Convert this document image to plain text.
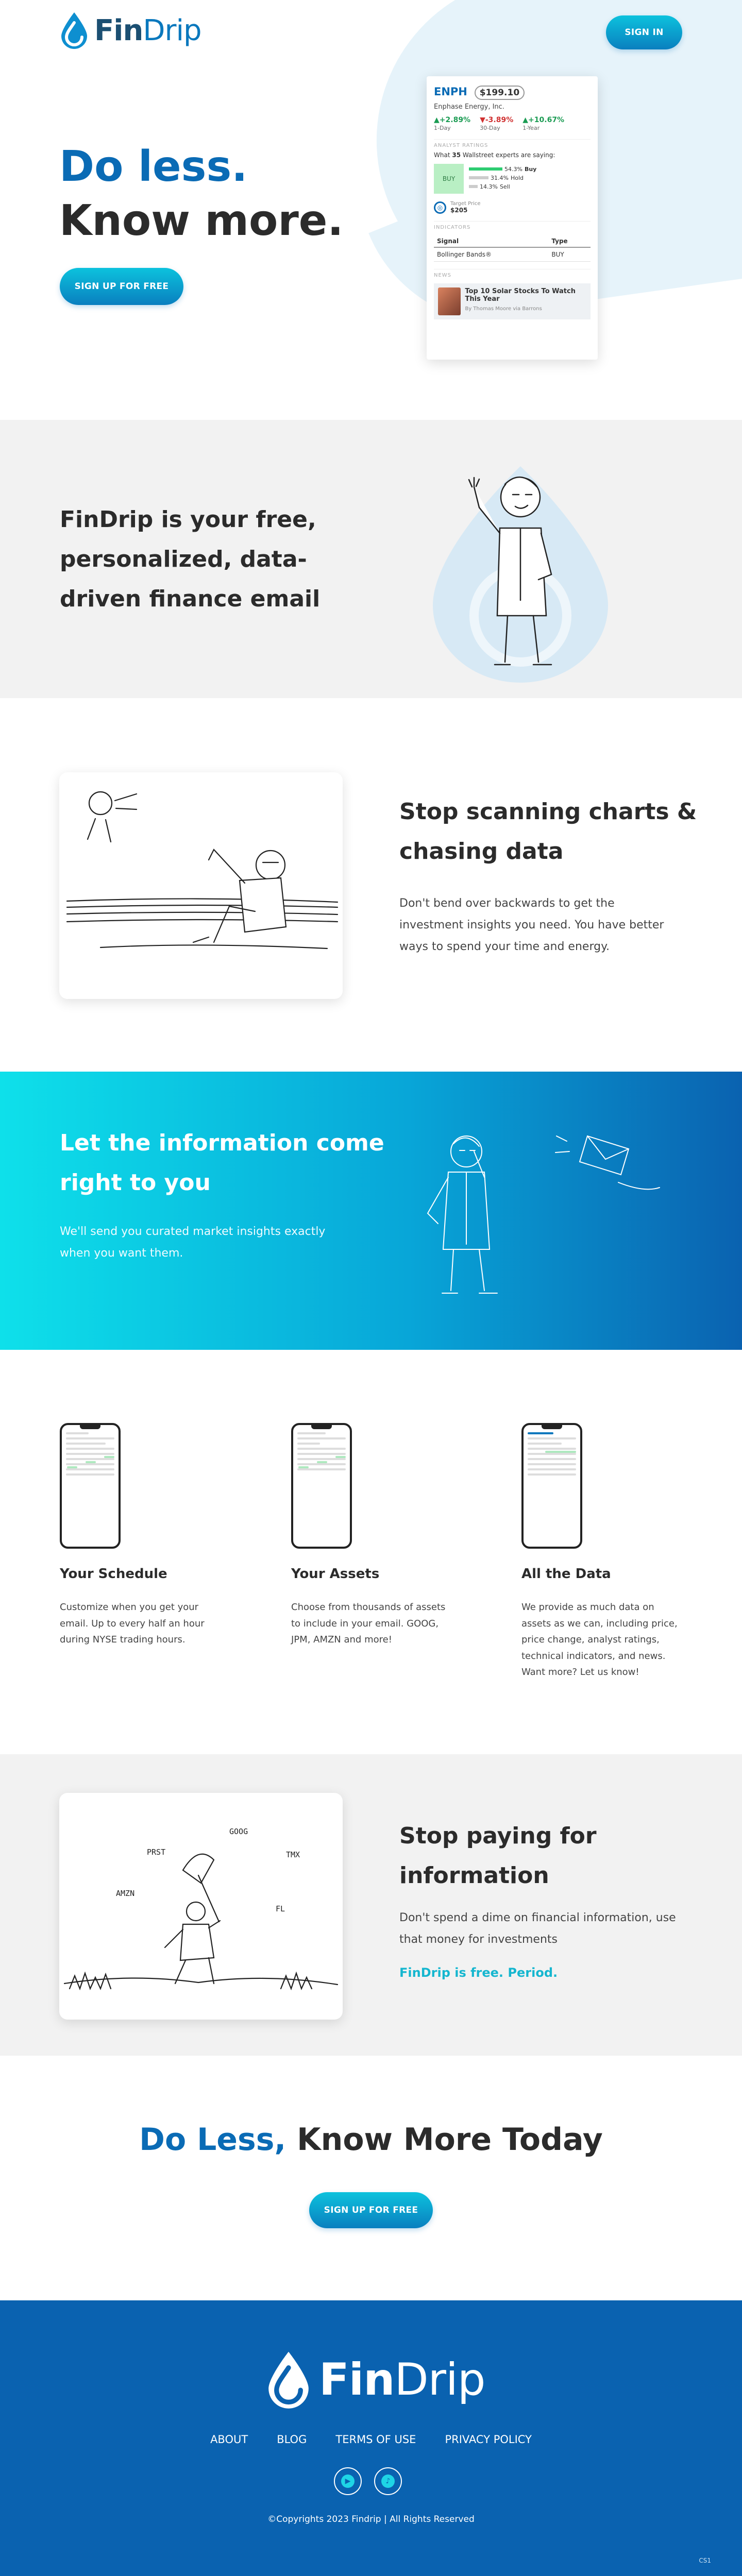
FinDrip	SIGN IN
Do less.
Know more.
SIGN UP FOR FREE
ENPH $199.10
Enphase Energy, Inc.
▲+2.89%
1-Day
▼-3.89%
30-Day
▲+10.67%
1-Year
ANALYST RATINGS
What 35 Wallstreet experts are saying:
BUY
54.3% Buy
31.4% Hold
14.3% Sell
◎	Target Price
$205
INDICATORS
Signal	Type
Bollinger Bands®	BUY
NEWS
Top 10 Solar Stocks To Watch This Year
By Thomas Moore via Barrons
FinDrip is your free, personalized, data-driven finance email
Stop scanning charts & chasing data
Don't bend over backwards to get the investment insights you need. You have better ways to spend your time and energy.
Let the information come right to you
We'll send you curated market insights exactly when you want them.
Your Schedule
Customize when you get your email. Up to every half an hour during NYSE trading hours.
Your Assets
Choose from thousands of assets to include in your email. GOOG, JPM, AMZN and more!
All the Data
We provide as much data on assets as we can, including price, price change, analyst ratings, technical indicators, and news. Want more? Let us know!
PRST
GOOG
TMX
AMZN
FL
Stop paying for information
Don't spend a dime on financial information, use that money for investments
FinDrip is free. Period.
Do Less, Know More Today
SIGN UP FOR FREE
FinDrip
ABOUT	BLOG	TERMS OF USE	PRIVACY POLICY
▶	♪
©Copyrights 2023 Findrip | All Rights Reserved
CS1
